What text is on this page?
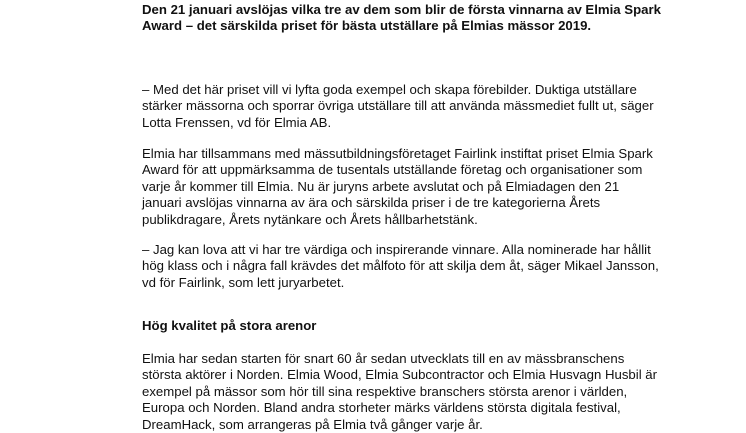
Den 21 januari avslöjas vilka tre av dem som blir de första vinnarna av Elmia Spark Award – det särskilda priset för bästa utställare på Elmias mässor 2019.

– Med det här priset vill vi lyfta goda exempel och skapa förebilder. Duktiga utställare stärker mässorna och sporrar övriga utställare till att använda mässmediet fullt ut, säger Lotta Frenssen, vd för Elmia AB.

Elmia har tillsammans med mässutbildningsföretaget Fairlink instiftat priset Elmia Spark Award för att uppmärksamma de tusentals utställande företag och organisationer som varje år kommer till Elmia. Nu är juryns arbete avslutat och på Elmiadagen den 21 januari avslöjas vinnarna av ära och särskilda priser i de tre kategorierna Årets publikdragare, Årets nytänkare och Årets hållbarhetstänk.

– Jag kan lova att vi har tre värdiga och inspirerande vinnare. Alla nominerade har hållit hög klass och i några fall krävdes det målfoto för att skilja dem åt, säger Mikael Jansson, vd för Fairlink, som lett juryarbetet.

Hög kvalitet på stora arenor

Elmia har sedan starten för snart 60 år sedan utvecklats till en av mässbranschens största aktörer i Norden. Elmia Wood, Elmia Subcontractor och Elmia Husvagn Husbil är exempel på mässor som hör till sina respektive branschers största arenor i världen, Europa och Norden. Bland andra storheter märks världens största digitala festival, DreamHack, som arrangeras på Elmia två gånger varje år.
